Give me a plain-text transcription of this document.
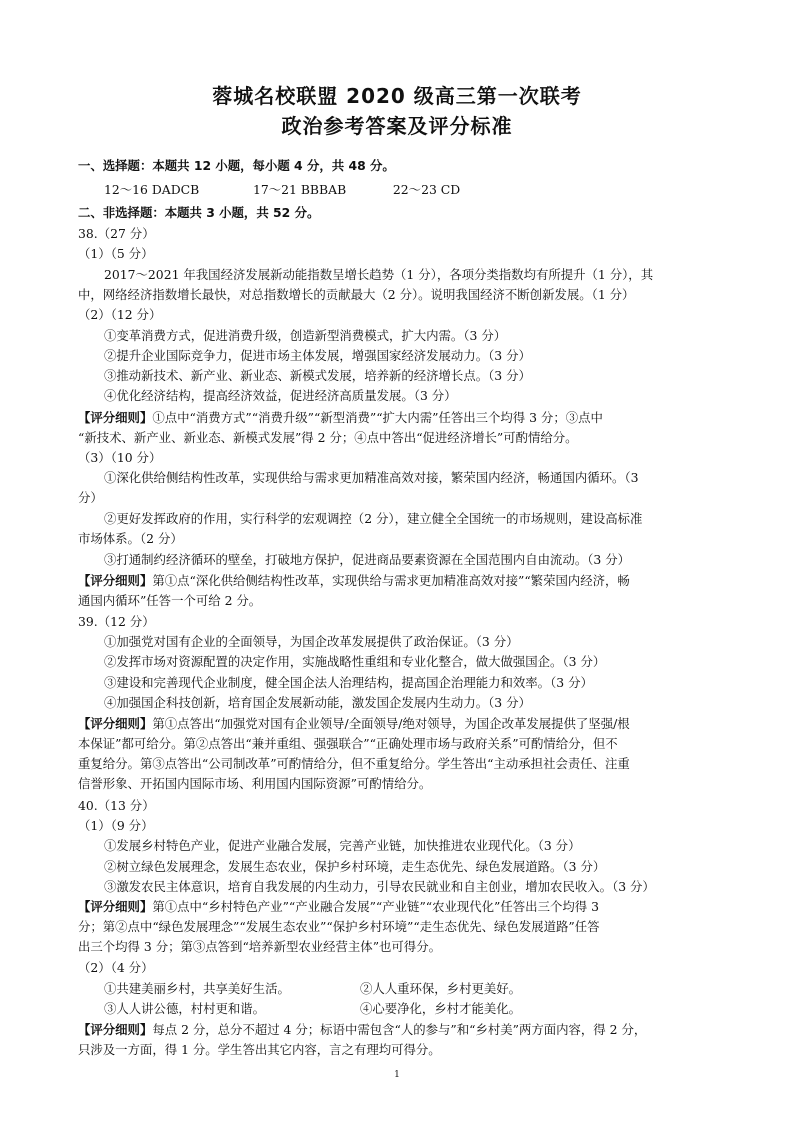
蓉城名校联盟 2020 级高三第一次联考
政治参考答案及评分标准
一、选择题：本题共 12 小题，每小题 4 分，共 48 分。
12～16 DADCB	17～21 BBBAB	22～23 CD
二、非选择题：本题共 3 小题，共 52 分。
38.（27 分）
（1）（5 分）
2017～2021 年我国经济发展新动能指数呈增长趋势（1 分），各项分类指数均有所提升（1 分），其
中，网络经济指数增长最快，对总指数增长的贡献最大（2 分）。说明我国经济不断创新发展。（1 分）
（2）（12 分）
①变革消费方式，促进消费升级，创造新型消费模式，扩大内需。（3 分）
②提升企业国际竞争力，促进市场主体发展，增强国家经济发展动力。（3 分）
③推动新技术、新产业、新业态、新模式发展，培养新的经济增长点。（3 分）
④优化经济结构，提高经济效益，促进经济高质量发展。（3 分）
【评分细则】①点中“消费方式”“消费升级”“新型消费”“扩大内需”任答出三个均得 3 分；③点中
“新技术、新产业、新业态、新模式发展”得 2 分；④点中答出“促进经济增长”可酌情给分。
（3）（10 分）
①深化供给侧结构性改革，实现供给与需求更加精准高效对接，繁荣国内经济，畅通国内循环。（3
分）
②更好发挥政府的作用，实行科学的宏观调控（2 分），建立健全全国统一的市场规则，建设高标准
市场体系。（2 分）
③打通制约经济循环的壁垒，打破地方保护，促进商品要素资源在全国范围内自由流动。（3 分）
【评分细则】第①点“深化供给侧结构性改革，实现供给与需求更加精准高效对接”“繁荣国内经济，畅
通国内循环”任答一个可给 2 分。
39.（12 分）
①加强党对国有企业的全面领导，为国企改革发展提供了政治保证。（3 分）
②发挥市场对资源配置的决定作用，实施战略性重组和专业化整合，做大做强国企。（3 分）
③建设和完善现代企业制度，健全国企法人治理结构，提高国企治理能力和效率。（3 分）
④加强国企科技创新，培育国企发展新动能，激发国企发展内生动力。（3 分）
【评分细则】第①点答出“加强党对国有企业领导/全面领导/绝对领导，为国企改革发展提供了坚强/根
本保证”都可给分。第②点答出“兼并重组、强强联合”“正确处理市场与政府关系”可酌情给分，但不
重复给分。第③点答出“公司制改革”可酌情给分，但不重复给分。学生答出“主动承担社会责任、注重
信誉形象、开拓国内国际市场、利用国内国际资源”可酌情给分。
40.（13 分）
（1）（9 分）
①发展乡村特色产业，促进产业融合发展，完善产业链，加快推进农业现代化。（3 分）
②树立绿色发展理念，发展生态农业，保护乡村环境，走生态优先、绿色发展道路。（3 分）
③激发农民主体意识，培育自我发展的内生动力，引导农民就业和自主创业，增加农民收入。（3 分）
【评分细则】第①点中“乡村特色产业”“产业融合发展”“产业链”“农业现代化”任答出三个均得 3
分；第②点中“绿色发展理念”“发展生态农业”“保护乡村环境”“走生态优先、绿色发展道路”任答
出三个均得 3 分；第③点答到“培养新型农业经营主体”也可得分。
（2）（4 分）
①共建美丽乡村，共享美好生活。	②人人重环保，乡村更美好。
③人人讲公德，村村更和谐。	④心要净化，乡村才能美化。
【评分细则】每点 2 分，总分不超过 4 分；标语中需包含“人的参与”和“乡村美”两方面内容，得 2 分，
只涉及一方面，得 1 分。学生答出其它内容，言之有理均可得分。
1
